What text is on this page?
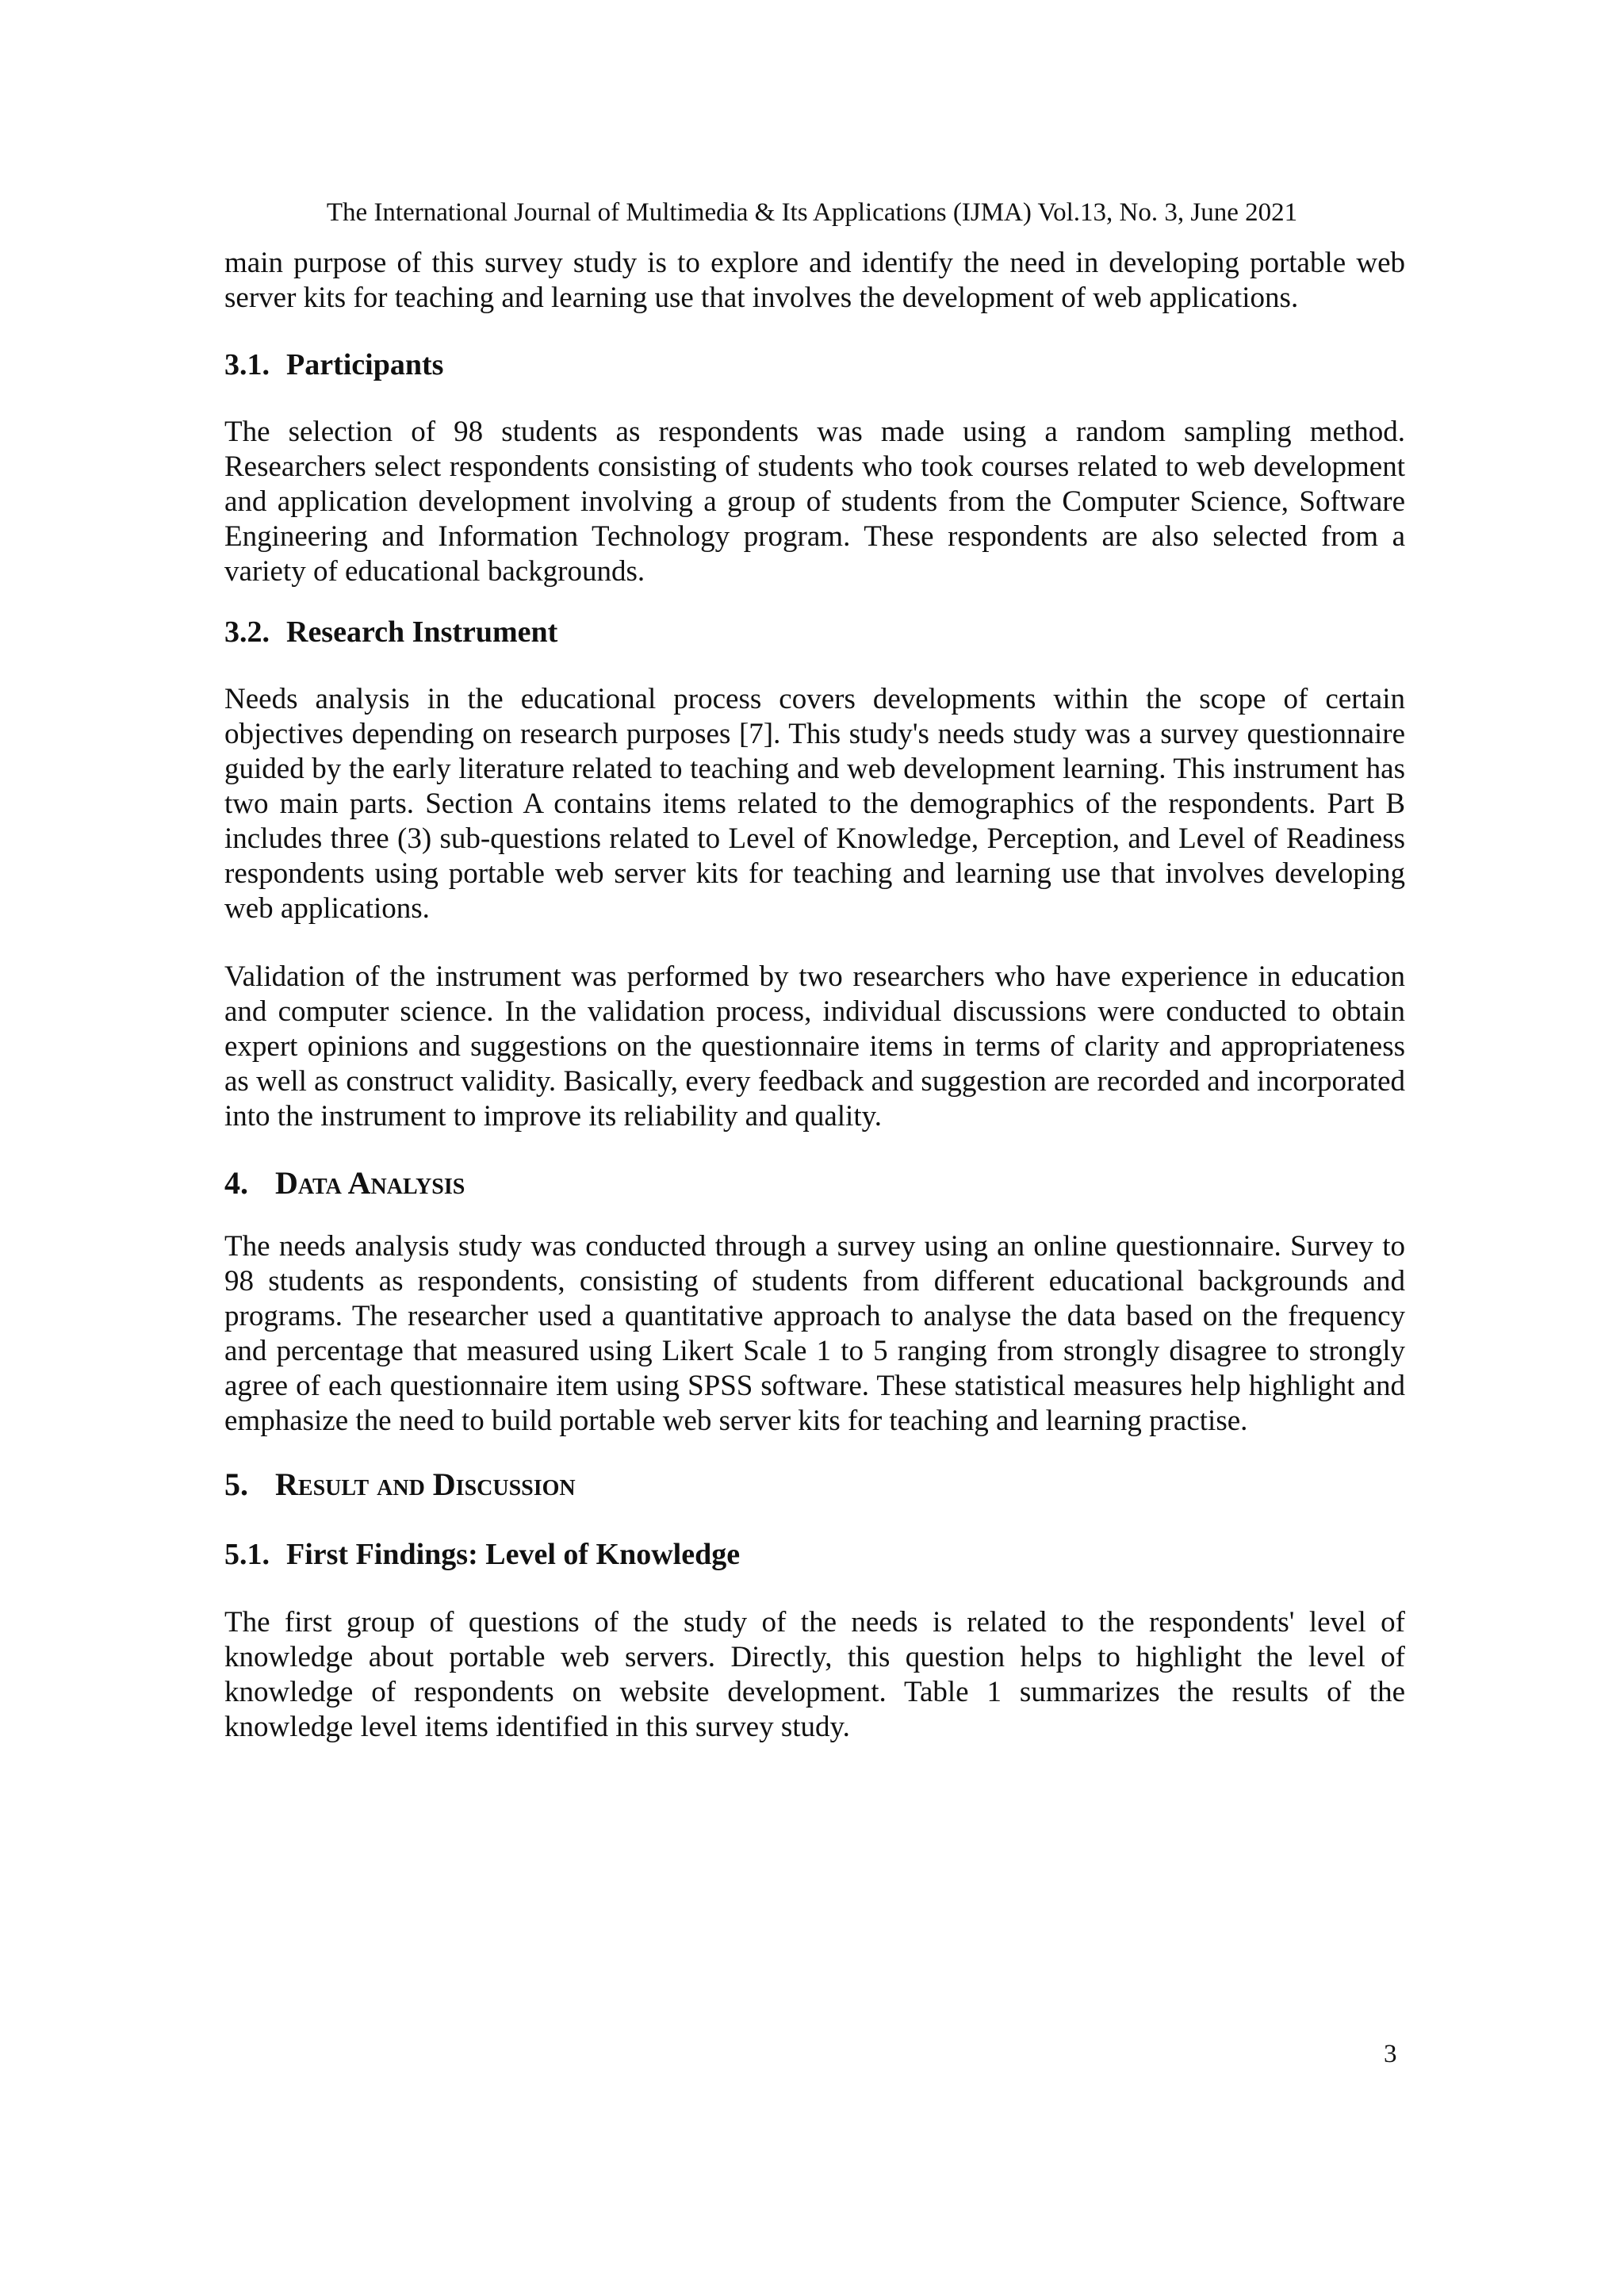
The International Journal of Multimedia & Its Applications (IJMA) Vol.13, No. 3, June 2021

main purpose of this survey study is to explore and identify the need in developing portable web server kits for teaching and learning use that involves the development of web applications.

3.1. Participants

The selection of 98 students as respondents was made using a random sampling method. Researchers select respondents consisting of students who took courses related to web development and application development involving a group of students from the Computer Science, Software Engineering and Information Technology program. These respondents are also selected from a variety of educational backgrounds.

3.2. Research Instrument

Needs analysis in the educational process covers developments within the scope of certain objectives depending on research purposes [7]. This study's needs study was a survey questionnaire guided by the early literature related to teaching and web development learning. This instrument has two main parts. Section A contains items related to the demographics of the respondents. Part B includes three (3) sub-questions related to Level of Knowledge, Perception, and Level of Readiness respondents using portable web server kits for teaching and learning use that involves developing web applications.

Validation of the instrument was performed by two researchers who have experience in education and computer science. In the validation process, individual discussions were conducted to obtain expert opinions and suggestions on the questionnaire items in terms of clarity and appropriateness as well as construct validity. Basically, every feedback and suggestion are recorded and incorporated into the instrument to improve its reliability and quality.

4. Data Analysis

The needs analysis study was conducted through a survey using an online questionnaire. Survey to 98 students as respondents, consisting of students from different educational backgrounds and programs. The researcher used a quantitative approach to analyse the data based on the frequency and percentage that measured using Likert Scale 1 to 5 ranging from strongly disagree to strongly agree of each questionnaire item using SPSS software. These statistical measures help highlight and emphasize the need to build portable web server kits for teaching and learning practise.

5. Result and Discussion
5.1. First Findings: Level of Knowledge

The first group of questions of the study of the needs is related to the respondents' level of knowledge about portable web servers. Directly, this question helps to highlight the level of knowledge of respondents on website development. Table 1 summarizes the results of the knowledge level items identified in this survey study.

3
